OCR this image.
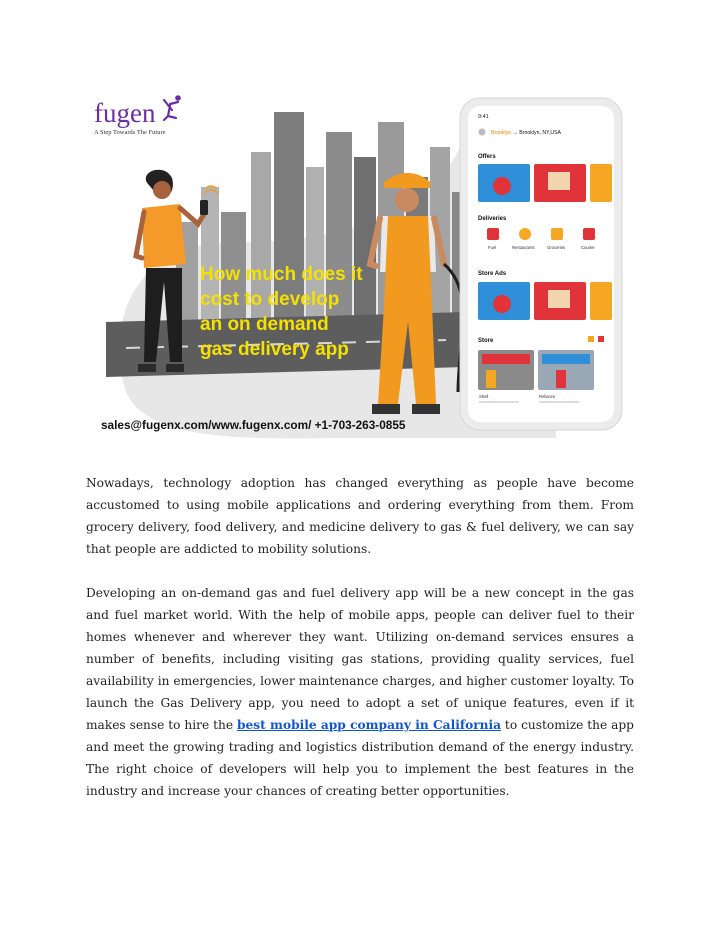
fugen
A Step Towards The Future
How much does it
cost to develop
an on demand
gas delivery app
sales@fugenx.com/www.fugenx.com/ +1-703-263-0855
9:41
Brooklyn → Brooklyn, NY,USA
Offers
Deliveries
Fuel	Restaurants	Groceries	Courier
Store Ads
Store
Shell	Reliance

Nowadays, technology adoption has changed everything as people have become accustomed to using mobile applications and ordering everything from them. From grocery delivery, food delivery, and medicine delivery to gas & fuel delivery, we can say that people are addicted to mobility solutions.

Developing an on-demand gas and fuel delivery app will be a new concept in the gas and fuel market world. With the help of mobile apps, people can deliver fuel to their homes whenever and wherever they want. Utilizing on-demand services ensures a number of benefits, including visiting gas stations, providing quality services, fuel availability in emergencies, lower maintenance charges, and higher customer loyalty. To launch the Gas Delivery app, you need to adopt a set of unique features, even if it makes sense to hire the best mobile app company in California to customize the app and meet the growing trading and logistics distribution demand of the energy industry. The right choice of developers will help you to implement the best features in the industry and increase your chances of creating better opportunities.
